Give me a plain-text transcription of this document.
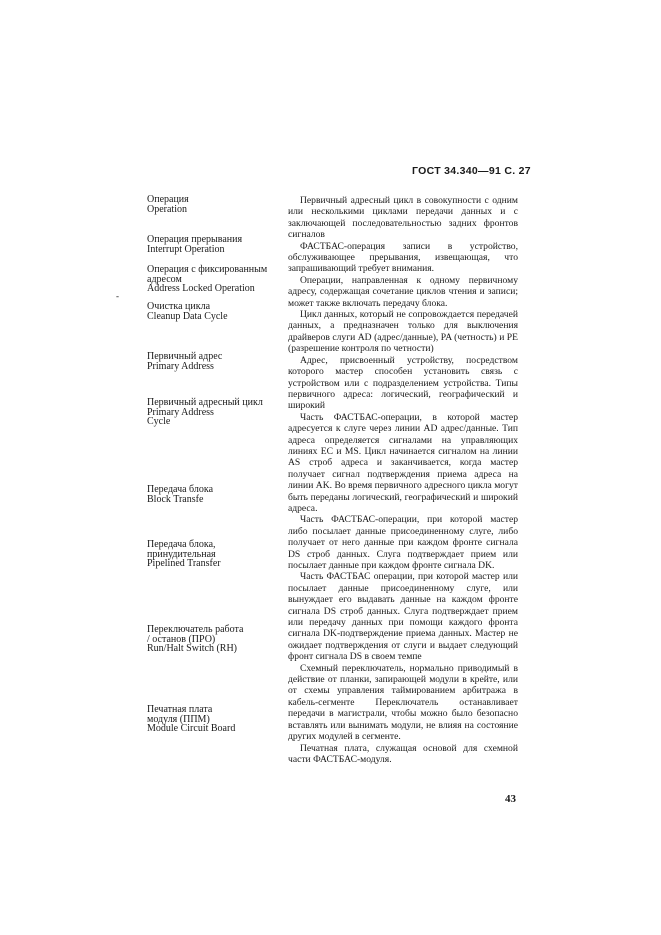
ГОСТ 34.340—91 С. 27
-
Операция
Operation
Операция прерывания
Interrupt Operation
Операция с фиксированным адресом
Address Locked Operation
Очистка цикла
Cleanup Data Cycle
Первичный адрес
Primary Address
Первичный адресный цикл
Primary Address
Cycle
Передача блока
Block Transfe
Передача блока,
принудительная
Pipelined Transfer
Переключатель работа
/ останов (ПРО)
Run/Halt Switch (RH)
Печатная плата
модуля (ППМ)
Module Circuit Board
Первичный адресный цикл в совокупности с одним или несколькими циклами передачи данных и с заключающей последовательностью задних фронтов сигналов
ФАСТБАС-операция записи в устройство, обслуживающее прерывания, извещающая, что запрашивающий требует внимания.
Операции, направленная к одному первичному адресу, содержащая сочетание циклов чтения и записи; может также включать передачу блока.
Цикл данных, который не сопровождается передачей данных, а предназначен только для выключения драйверов слуги AD (адрес/данные), PA (четность) и PE (разрешение контроля по четности)
Адрес, присвоенный устройству, посредством которого мастер способен установить связь с устройством или с подразделением устройства. Типы первичного адреса: логический, географический и широкий
Часть ФАСТБАС-операции, в которой мастер адресуется к слуге через линии AD адрес/данные. Тип адреса определяется сигналами на управляющих линиях EC и MS. Цикл начинается сигналом на линии AS строб адреса и заканчивается, когда мастер получает сигнал подтверждения приема адреса на линии AK. Во время первичного адресного цикла могут быть переданы логический, географический и широкий адреса.
Часть ФАСТБАС-операции, при которой мастер либо посылает данные присоединенному слуге, либо получает от него данные при каждом фронте сигнала DS строб данных. Слуга подтверждает прием или посылает данные при каждом фронте сигнала DK.
Часть ФАСТБАС операции, при которой мастер или посылает данные присоединенному слуге, или вынуждает его выдавать данные на каждом фронте сигнала DS строб данных. Слуга подтверждает прием или передачу данных при помощи каждого фронта сигнала DK-подтверждение приема данных. Мастер не ожидает подтверждения от слуги и выдает следующий фронт сигнала DS в своем темпе
Схемный переключатель, нормально приводимый в действие от планки, запирающей модули в крейте, или от схемы управления таймированием арбитража в кабель-сегменте Переключатель останавливает передачи в магистрали, чтобы можно было безопасно вставлять или вынимать модули, не влияя на состояние других модулей в сегменте.
Печатная плата, служащая основой для схемной части ФАСТБАС-модуля.
43
